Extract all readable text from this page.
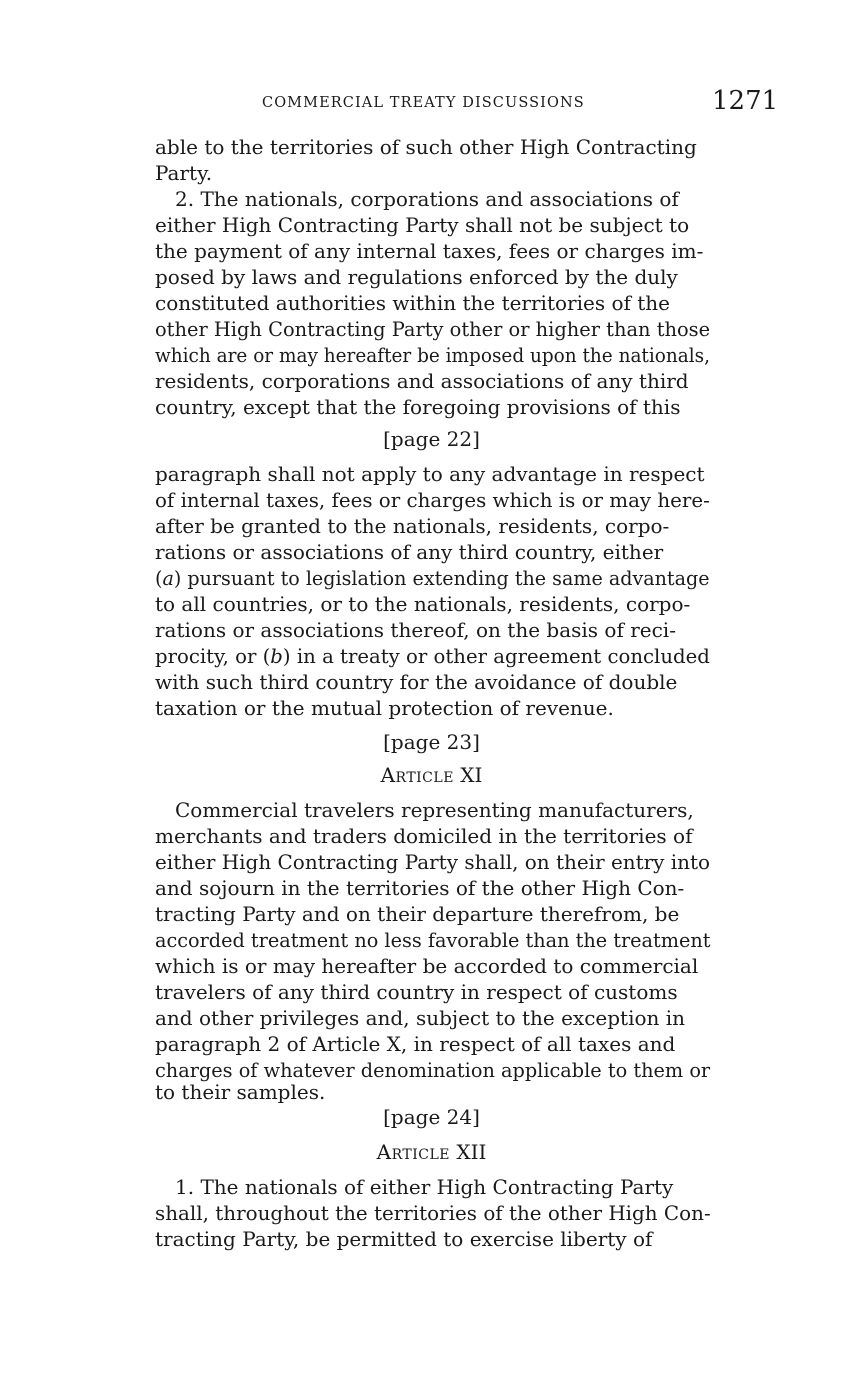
COMMERCIAL TREATY DISCUSSIONS	1271
able to the territories of such other High Contracting
Party.
2. The nationals, corporations and associations of
either High Contracting Party shall not be subject to
the payment of any internal taxes, fees or charges im-
posed by laws and regulations enforced by the duly
constituted authorities within the territories of the
other High Contracting Party other or higher than those
which are or may hereafter be imposed upon the nationals,
residents, corporations and associations of any third
country, except that the foregoing provisions of this
[page 22]
paragraph shall not apply to any advantage in respect
of internal taxes, fees or charges which is or may here-
after be granted to the nationals, residents, corpo-
rations or associations of any third country, either
(a) pursuant to legislation extending the same advantage
to all countries, or to the nationals, residents, corpo-
rations or associations thereof, on the basis of reci-
procity, or (b) in a treaty or other agreement concluded
with such third country for the avoidance of double
taxation or the mutual protection of revenue.
[page 23]
Article XI
Commercial travelers representing manufacturers,
merchants and traders domiciled in the territories of
either High Contracting Party shall, on their entry into
and sojourn in the territories of the other High Con-
tracting Party and on their departure therefrom, be
accorded treatment no less favorable than the treatment
which is or may hereafter be accorded to commercial
travelers of any third country in respect of customs
and other privileges and, subject to the exception in
paragraph 2 of Article X, in respect of all taxes and
charges of whatever denomination applicable to them or
to their samples.
[page 24]
Article XII
1. The nationals of either High Contracting Party
shall, throughout the territories of the other High Con-
tracting Party, be permitted to exercise liberty of
